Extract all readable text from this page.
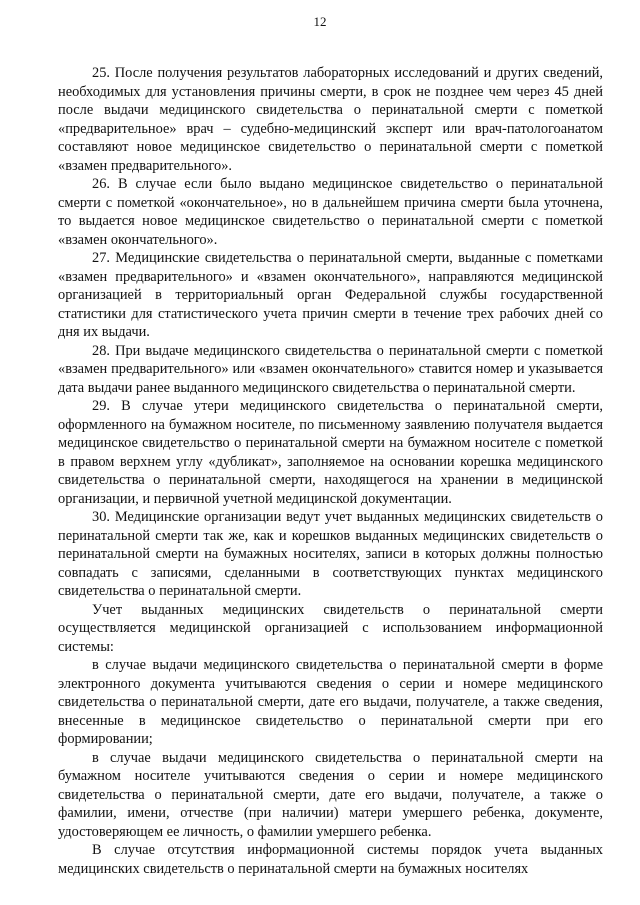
12

25. После получения результатов лабораторных исследований и других сведений, необходимых для установления причины смерти, в срок не позднее чем через 45 дней после выдачи медицинского свидетельства о перинатальной смерти с пометкой «предварительное» врач – судебно-медицинский эксперт или врач-патологоанатом составляют новое медицинское свидетельство о перинатальной смерти с пометкой «взамен предварительного».

26. В случае если было выдано медицинское свидетельство о перинатальной смерти с пометкой «окончательное», но в дальнейшем причина смерти была уточнена, то выдается новое медицинское свидетельство о перинатальной смерти с пометкой «взамен окончательного».

27. Медицинские свидетельства о перинатальной смерти, выданные с пометками «взамен предварительного» и «взамен окончательного», направляются медицинской организацией в территориальный орган Федеральной службы государственной статистики для статистического учета причин смерти в течение трех рабочих дней со дня их выдачи.

28. При выдаче медицинского свидетельства о перинатальной смерти с пометкой «взамен предварительного» или «взамен окончательного» ставится номер и указывается дата выдачи ранее выданного медицинского свидетельства о перинатальной смерти.

29. В случае утери медицинского свидетельства о перинатальной смерти, оформленного на бумажном носителе, по письменному заявлению получателя выдается медицинское свидетельство о перинатальной смерти на бумажном носителе с пометкой в правом верхнем углу «дубликат», заполняемое на основании корешка медицинского свидетельства о перинатальной смерти, находящегося на хранении в медицинской организации, и первичной учетной медицинской документации.

30. Медицинские организации ведут учет выданных медицинских свидетельств о перинатальной смерти так же, как и корешков выданных медицинских свидетельств о перинатальной смерти на бумажных носителях, записи в которых должны полностью совпадать с записями, сделанными в соответствующих пунктах медицинского свидетельства о перинатальной смерти.

Учет выданных медицинских свидетельств о перинатальной смерти осуществляется медицинской организацией с использованием информационной системы:

в случае выдачи медицинского свидетельства о перинатальной смерти в форме электронного документа учитываются сведения о серии и номере медицинского свидетельства о перинатальной смерти, дате его выдачи, получателе, а также сведения, внесенные в медицинское свидетельство о перинатальной смерти при его формировании;

в случае выдачи медицинского свидетельства о перинатальной смерти на бумажном носителе учитываются сведения о серии и номере медицинского свидетельства о перинатальной смерти, дате его выдачи, получателе, а также о фамилии, имени, отчестве (при наличии) матери умершего ребенка, документе, удостоверяющем ее личность, о фамилии умершего ребенка.

В случае отсутствия информационной системы порядок учета выданных медицинских свидетельств о перинатальной смерти на бумажных носителях
